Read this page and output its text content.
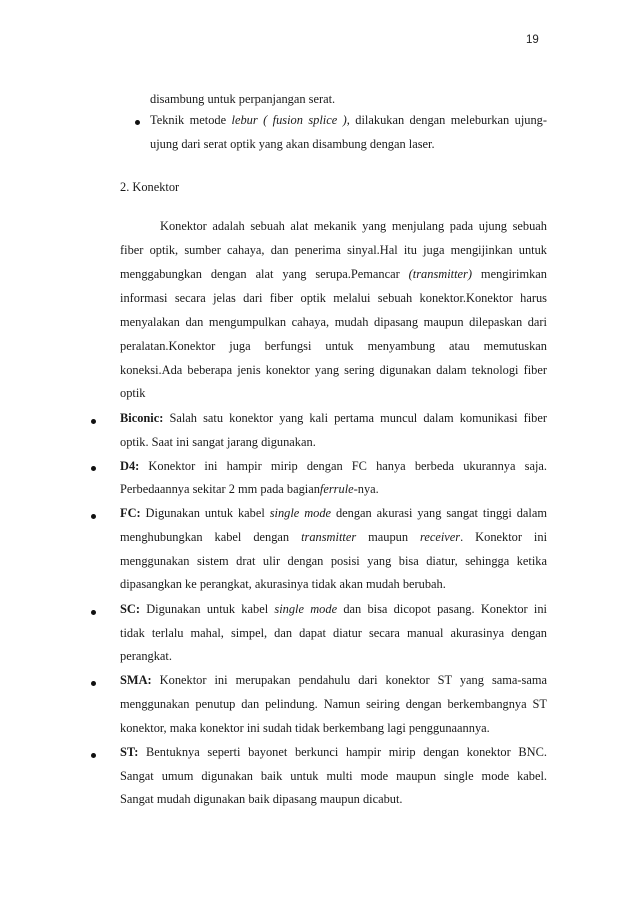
19
disambung untuk perpanjangan serat.
Teknik metode lebur ( fusion splice ), dilakukan dengan meleburkan ujung-
ujung dari serat optik yang akan disambung dengan laser.
2. Konektor
Konektor adalah sebuah alat mekanik yang menjulang pada ujung sebuah
fiber optik, sumber cahaya, dan penerima sinyal.Hal itu juga mengijinkan untuk
menggabungkan dengan alat yang serupa.Pemancar (transmitter) mengirimkan
informasi secara jelas dari fiber optik melalui sebuah konektor.Konektor harus
menyalakan dan mengumpulkan cahaya, mudah dipasang maupun dilepaskan dari
peralatan.Konektor juga berfungsi untuk menyambung atau memutuskan
koneksi.Ada beberapa jenis konektor yang sering digunakan dalam teknologi fiber
optik
Biconic: Salah satu konektor yang kali pertama muncul dalam komunikasi fiber
optik. Saat ini sangat jarang digunakan.
D4: Konektor ini hampir mirip dengan FC hanya berbeda ukurannya saja.
Perbedaannya sekitar 2 mm pada bagianferrule-nya.
FC: Digunakan untuk kabel single mode dengan akurasi yang sangat tinggi dalam
menghubungkan kabel dengan transmitter maupun receiver. Konektor ini
menggunakan sistem drat ulir dengan posisi yang bisa diatur, sehingga ketika
dipasangkan ke perangkat, akurasinya tidak akan mudah berubah.
SC: Digunakan untuk kabel single mode dan bisa dicopot pasang. Konektor ini
tidak terlalu mahal, simpel, dan dapat diatur secara manual akurasinya dengan
perangkat.
SMA: Konektor ini merupakan pendahulu dari konektor ST yang sama-sama
menggunakan penutup dan pelindung. Namun seiring dengan berkembangnya ST
konektor, maka konektor ini sudah tidak berkembang lagi penggunaannya.
ST: Bentuknya seperti bayonet berkunci hampir mirip dengan konektor BNC.
Sangat umum digunakan baik untuk multi mode maupun single mode kabel.
Sangat mudah digunakan baik dipasang maupun dicabut.
